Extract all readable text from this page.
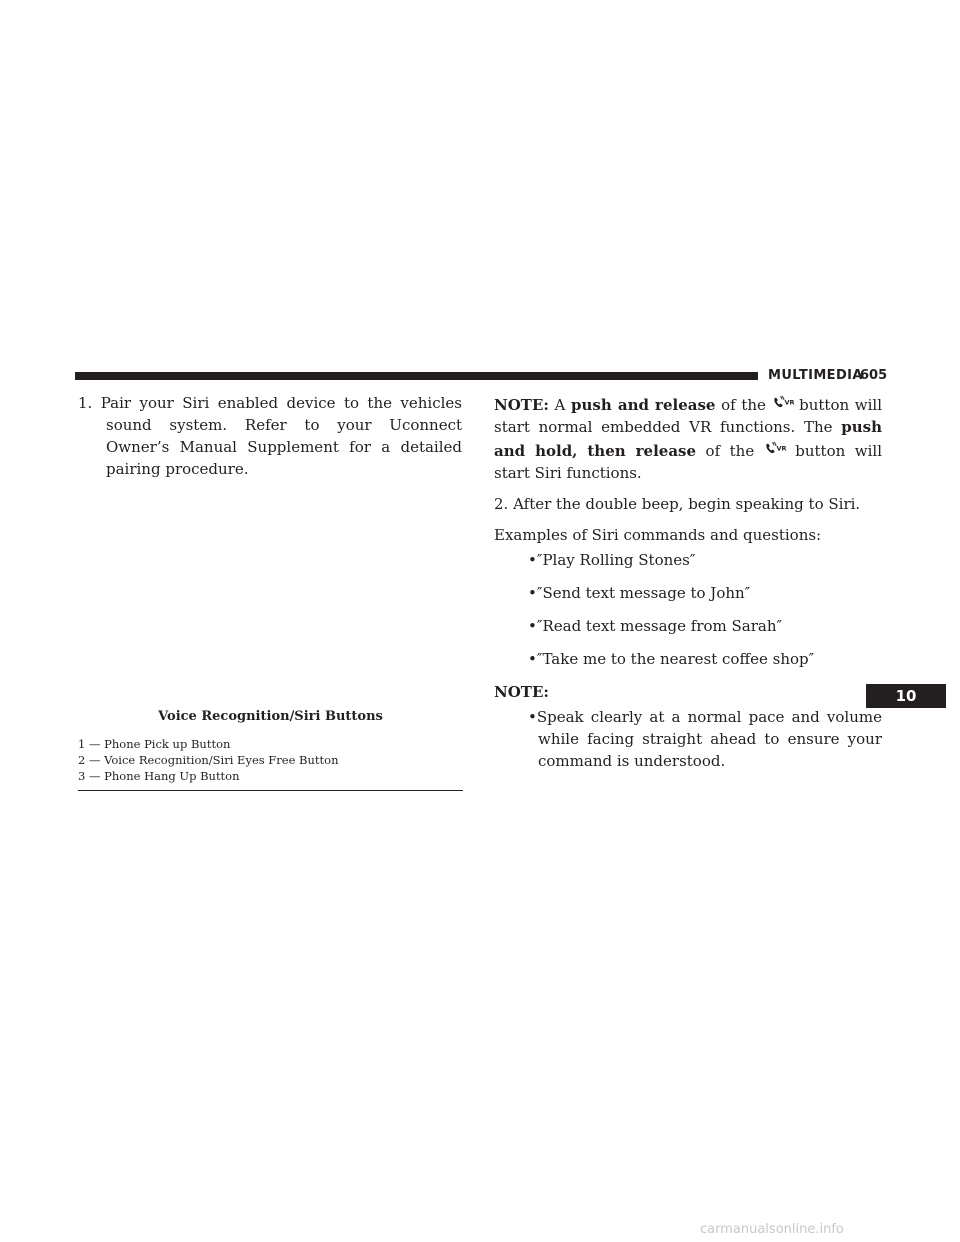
MULTIMEDIA
605

1. Pair your Siri enabled device to the vehicles sound system. Refer to your Uconnect Owner’s Manual Supplement for a detailed pairing procedure.

Voice Recognition/Siri Buttons
1 — Phone Pick up Button
2 — Voice Recognition/Siri Eyes Free Button
3 — Phone Hang Up Button

NOTE: A push and release of the VR button will start normal embedded VR functions. The push and hold, then release of the VR button will start Siri functions.

2. After the double beep, begin speaking to Siri.

Examples of Siri commands and questions:

•″Play Rolling Stones″
•″Send text message to John″
•″Read text message from Sarah″
•″Take me to the nearest coffee shop″

NOTE:

•Speak clearly at a normal pace and volume while facing straight ahead to ensure your command is understood.
10
carmanualsonline.info
